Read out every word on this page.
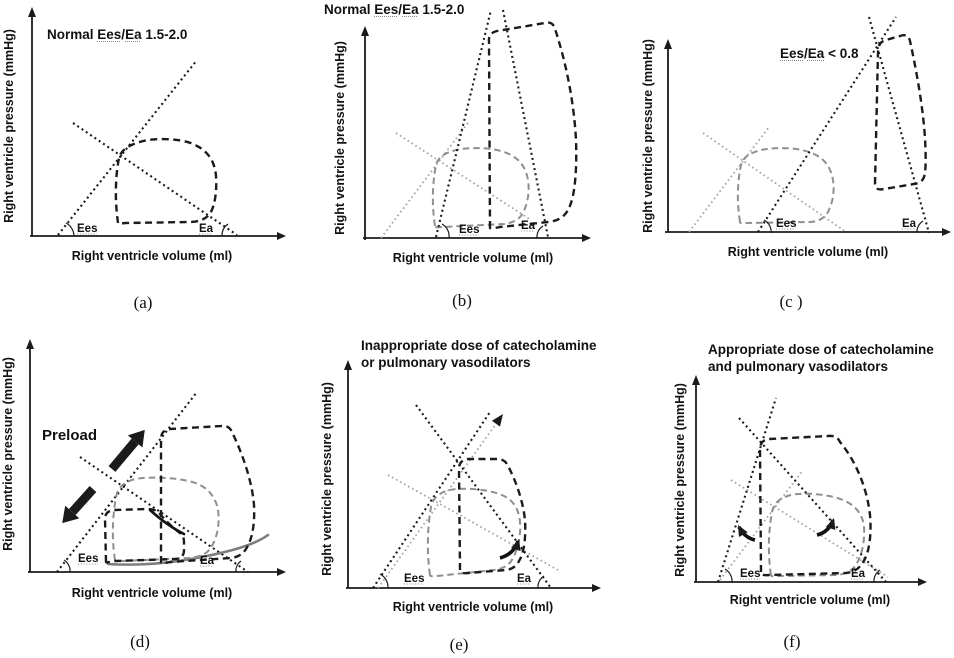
Ees	Ea
Right ventricle pressure (mmHg)
Right ventricle volume (ml)
Normal Ees/Ea 1.5-2.0
(a)
Ees	Ea
Right ventricle pressure (mmHg)
Right ventricle volume (ml)
Normal Ees/Ea 1.5-2.0
(b)
Ees	Ea
Right ventricle pressure (mmHg)
Right ventricle volume (ml)
Ees/Ea < 0.8
(c )
Ees	Ea
Right ventricle pressure (mmHg)
Right ventricle volume (ml)
Preload
(d)
Ees	Ea
Right ventricle pressure (mmHg)
Right ventricle volume (ml)
Inappropriate dose of catecholamine
or pulmonary vasodilators
(e)
Ees	Ea
Right ventricle pressure (mmHg)
Right ventricle volume (ml)
Appropriate dose of catecholamine
and pulmonary vasodilators
(f)
